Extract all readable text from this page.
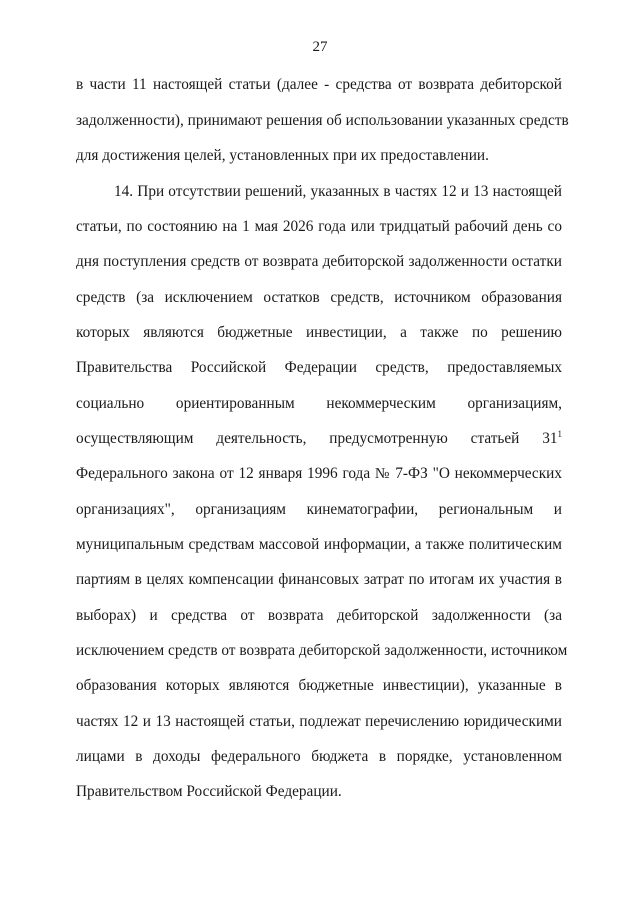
27
в части 11 настоящей статьи (далее - средства от возврата дебиторской
задолженности), принимают решения об использовании указанных средств
для достижения целей, установленных при их предоставлении.
14. При отсутствии решений, указанных в частях 12 и 13 настоящей
статьи, по состоянию на 1 мая 2026 года или тридцатый рабочий день со
дня поступления средств от возврата дебиторской задолженности остатки
средств (за исключением остатков средств, источником образования
которых являются бюджетные инвестиции, а также по решению
Правительства Российской Федерации средств, предоставляемых
социально ориентированным некоммерческим организациям,
осуществляющим деятельность, предусмотренную статьей $31^1$
Федерального закона от 12 января 1996 года № 7-ФЗ "О некоммерческих
организациях", организациям кинематографии, региональным и
муниципальным средствам массовой информации, а также политическим
партиям в целях компенсации финансовых затрат по итогам их участия в
выборах) и средства от возврата дебиторской задолженности (за
исключением средств от возврата дебиторской задолженности, источником
образования которых являются бюджетные инвестиции), указанные в
частях 12 и 13 настоящей статьи, подлежат перечислению юридическими
лицами в доходы федерального бюджета в порядке, установленном
Правительством Российской Федерации.
